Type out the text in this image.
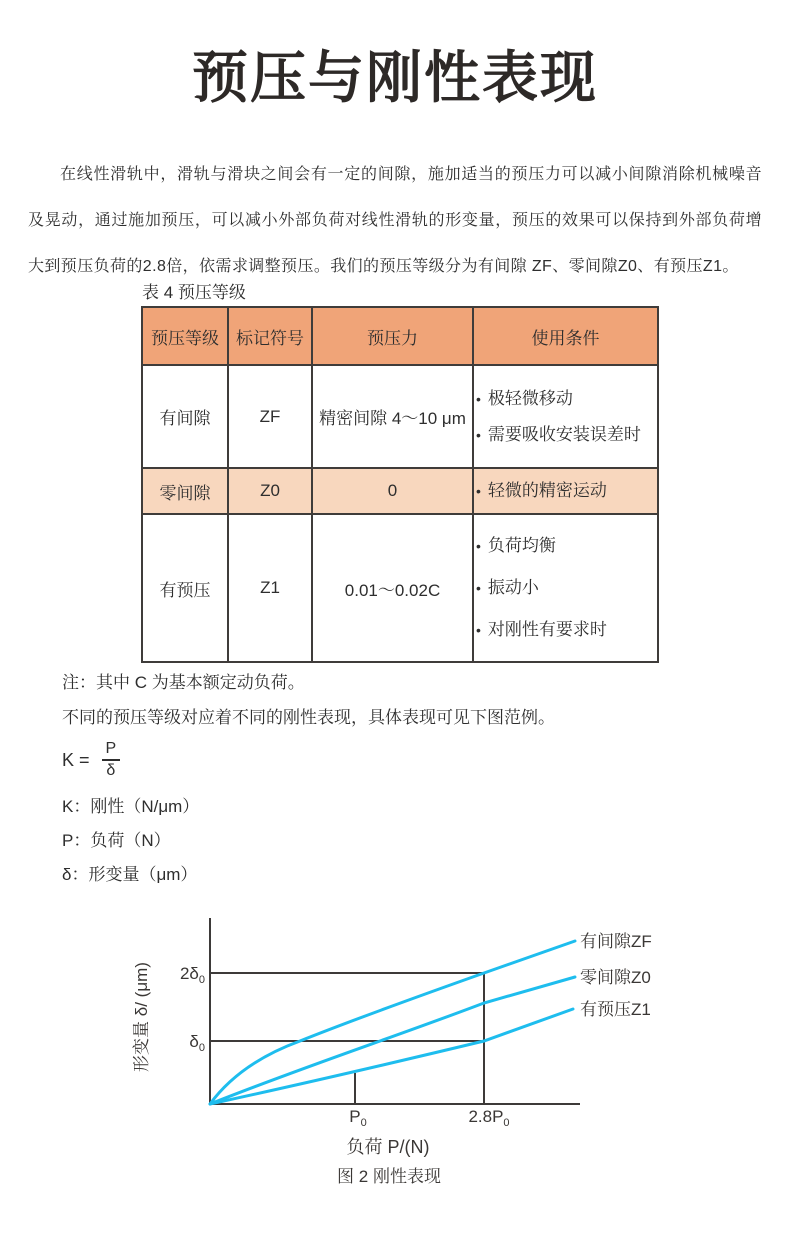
预压与刚性表现

在线性滑轨中，滑轨与滑块之间会有一定的间隙，施加适当的预压力可以减小间隙消除机械噪音及晃动，通过施加预压，可以减小外部负荷对线性滑轨的形变量，预压的效果可以保持到外部负荷增大到预压负荷的2.8倍，依需求调整预压。我们的预压等级分为有间隙 ZF、零间隙Z0、有预压Z1。

表 4 预压等级
预压等级	标记符号	预压力	使用条件
有间隙	ZF	精密间隙 4～10 μm	• 极轻微移动
• 需要吸收安装误差时

零间隙	Z0	0	• 轻微的精密运动

有预压	Z1	0.01～0.02C	
• 负荷均衡
• 振动小
• 对刚性有要求时
注：其中 C 为基本额定动负荷。
不同的预压等级对应着不同的刚性表现，具体表现可见下图范例。
$K = \frac{P}{\delta}$
K：刚性（N/μm）
P：负荷（N）
δ：形变量（μm）
$2\delta_0$
$\delta_0$
$P_0$	$2.8P_0$
有间隙ZF
零间隙Z0
有预压Z1
形变量 δ/ (μm)
负荷 P/(N)
图 2 刚性表现
